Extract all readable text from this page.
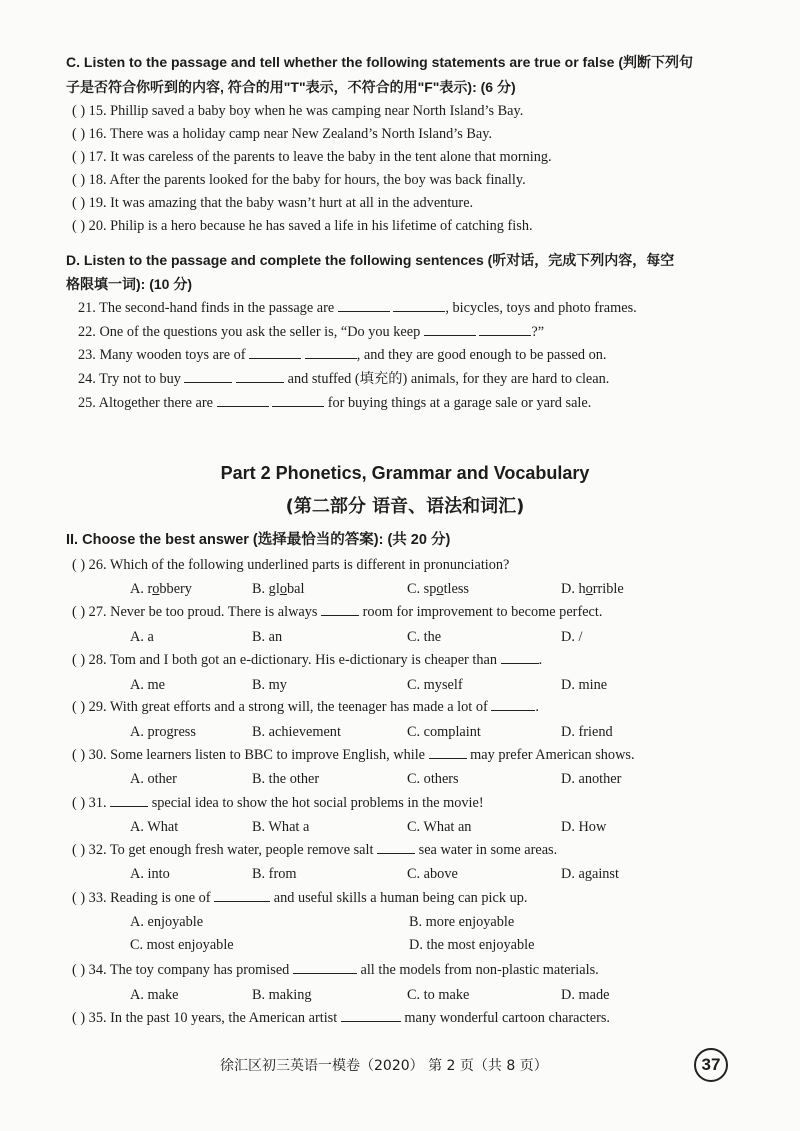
C. Listen to the passage and tell whether the following statements are true or false (判断下列句
子是否符合你听到的内容, 符合的用"T"表示，不符合的用"F"表示): (6 分)
( ) 15. Phillip saved a baby boy when he was camping near North Island’s Bay.
( ) 16. There was a holiday camp near New Zealand’s North Island’s Bay.
( ) 17. It was careless of the parents to leave the baby in the tent alone that morning.
( ) 18. After the parents looked for the baby for hours, the boy was back finally.
( ) 19. It was amazing that the baby wasn’t hurt at all in the adventure.
( ) 20. Philip is a hero because he has saved a life in his lifetime of catching fish.
D. Listen to the passage and complete the following sentences (听对话，完成下列内容，每空
格限填一词): (10 分)
21. The second-hand finds in the passage are	, bicycles, toys and photo frames.
22. One of the questions you ask the seller is, “Do you keep	?”
23. Many wooden toys are of	, and they are good enough to be passed on.
24. Try not to buy	and stuffed (填充的) animals, for they are hard to clean.
25. Altogether there are	for buying things at a garage sale or yard sale.
Part 2 Phonetics, Grammar and Vocabulary
(第二部分 语音、语法和词汇)
II. Choose the best answer (选择最恰当的答案): (共 20 分)
( ) 26. Which of the following underlined parts is different in pronunciation?
A. robbery	B. global	C. spotless	D. horrible
( ) 27. Never be too proud. There is always	room for improvement to become perfect.
A. a	B. an	C. the	D. /
( ) 28. Tom and I both got an e-dictionary. His e-dictionary is cheaper than	.
A. me	B. my	C. myself	D. mine
( ) 29. With great efforts and a strong will, the teenager has made a lot of	.
A. progress	B. achievement	C. complaint	D. friend
( ) 30. Some learners listen to BBC to improve English, while	may prefer American shows.
A. other	B. the other	C. others	D. another
( ) 31.	special idea to show the hot social problems in the movie!
A. What	B. What a	C. What an	D. How
( ) 32. To get enough fresh water, people remove salt	sea water in some areas.
A. into	B. from	C. above	D. against
( ) 33. Reading is one of	and useful skills a human being can pick up.
A. enjoyable	B. more enjoyable
C. most enjoyable	D. the most enjoyable
( ) 34. The toy company has promised	all the models from non-plastic materials.
A. make	B. making	C. to make	D. made
( ) 35. In the past 10 years, the American artist	many wonderful cartoon characters.
徐汇区初三英语一模卷（2020） 第 2 页（共 8 页）	37
